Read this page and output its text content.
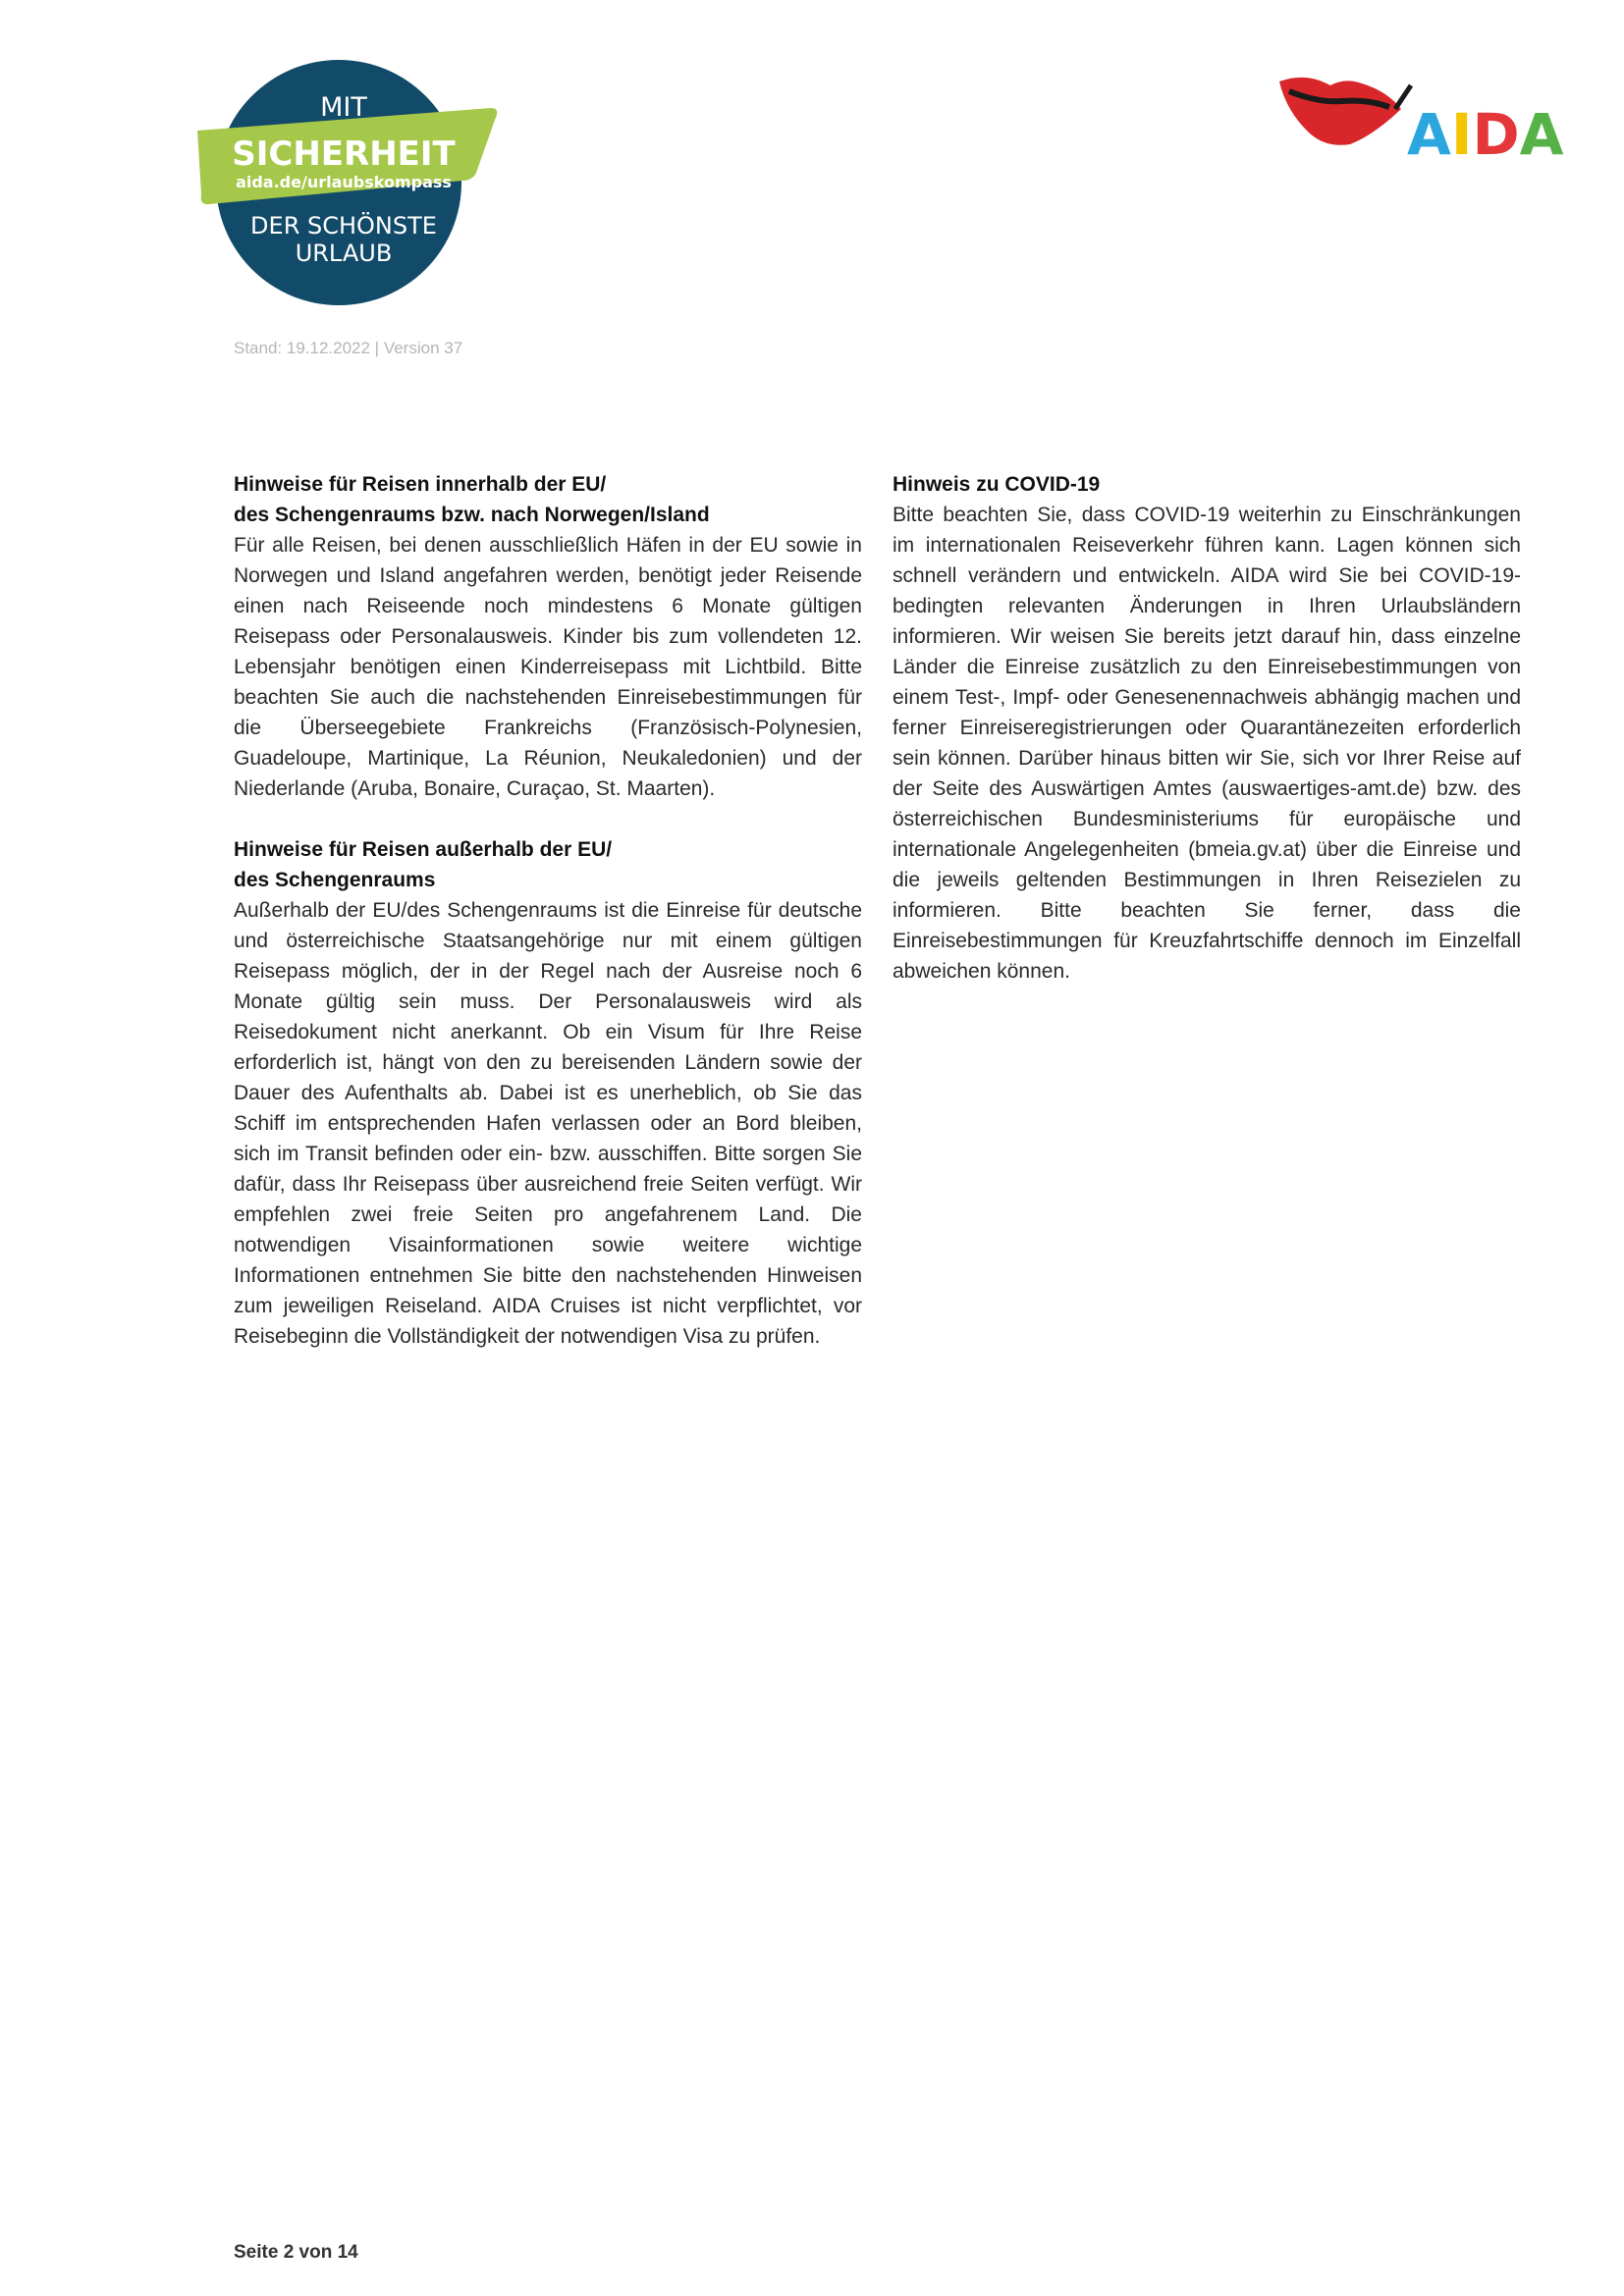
MIT
SICHERHEIT
aida.de/urlaubskompass
DER SCHÖNSTE
URLAUB
AIDA
Stand: 19.12.2022 | Version 37
Hinweise für Reisen innerhalb der EU/
des Schengenraums bzw. nach Norwegen/Island

Für alle Reisen, bei denen ausschließlich Häfen in der EU sowie in Norwegen und Island angefahren werden, benötigt jeder Reisende einen nach Reiseende noch mindestens 6 Monate gültigen Reisepass oder Personalausweis. Kinder bis zum vollendeten 12. Lebensjahr benötigen einen Kinderreisepass mit Lichtbild. Bitte beachten Sie auch die nachstehenden Einreisebestimmungen für die Überseegebiete Frankreichs (Französisch-Polynesien, Guadeloupe, Martinique, La Réunion, Neukaledonien) und der Niederlande (Aruba, Bonaire, Curaçao, St. Maarten).

Hinweise für Reisen außerhalb der EU/
des Schengenraums

Außerhalb der EU/des Schengenraums ist die Einreise für deutsche und österreichische Staatsangehörige nur mit einem gültigen Reisepass möglich, der in der Regel nach der Ausreise noch 6 Monate gültig sein muss. Der Personalausweis wird als Reisedokument nicht anerkannt. Ob ein Visum für Ihre Reise erforderlich ist, hängt von den zu bereisenden Ländern sowie der Dauer des Aufenthalts ab. Dabei ist es unerheblich, ob Sie das Schiff im entsprechenden Hafen verlassen oder an Bord bleiben, sich im Transit befinden oder ein- bzw. ausschiffen. Bitte sorgen Sie dafür, dass Ihr Reisepass über ausreichend freie Seiten verfügt. Wir empfehlen zwei freie Seiten pro angefahrenem Land. Die notwendigen Visainformationen sowie weitere wichtige Informationen entnehmen Sie bitte den nachstehenden Hinweisen zum jeweiligen Reiseland. AIDA Cruises ist nicht verpflichtet, vor Reisebeginn die Vollständigkeit der notwendigen Visa zu prüfen.

Hinweis zu COVID-19

Bitte beachten Sie, dass COVID-19 weiterhin zu Einschränkungen im internationalen Reiseverkehr führen kann. Lagen können sich schnell verändern und entwickeln. AIDA wird Sie bei COVID-19-bedingten relevanten Änderungen in Ihren Urlaubsländern informieren. Wir weisen Sie bereits jetzt darauf hin, dass einzelne Länder die Einreise zusätzlich zu den Einreisebestimmungen von einem Test-, Impf- oder Genesenennachweis abhängig machen und ferner Einreiseregistrierungen oder Quarantänezeiten erforderlich sein können. Darüber hinaus bitten wir Sie, sich vor Ihrer Reise auf der Seite des Auswärtigen Amtes (auswaertiges-amt.de) bzw. des österreichischen Bundesministeriums für europäische und internationale Angelegenheiten (bmeia.gv.at) über die Einreise und die jeweils geltenden Bestimmungen in Ihren Reisezielen zu informieren. Bitte beachten Sie ferner, dass die Einreisebestimmungen für Kreuzfahrtschiffe dennoch im Einzelfall abweichen können.

Seite 2 von 14
